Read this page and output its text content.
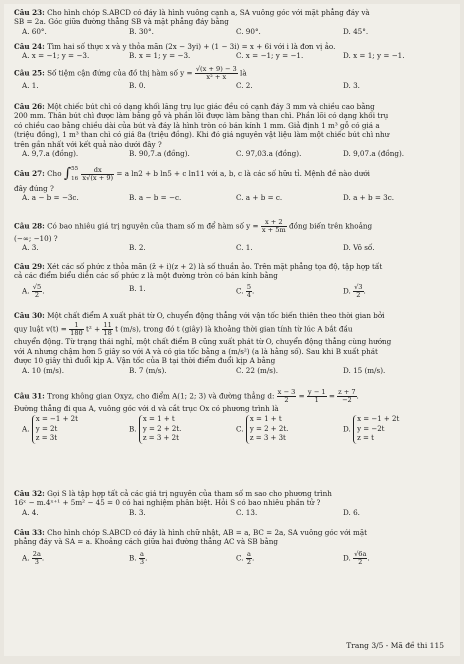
Câu 23: Cho hình chóp S.ABCD có đáy là hình vuông cạnh a, SA vuông góc với mặt phẳng đáy và

SB = 2a. Góc giữa đường thẳng SB và mặt phẳng đáy bằng

A. 60°.	B. 30°.	C. 90°.	D. 45°.

Câu 24: Tìm hai số thực x và y thỏa mãn (2x − 3yi) + (1 − 3i) = x + 6i với i là đơn vị ảo.

A. x = −1; y = −3.	B. x = 1; y = −3.	C. x = −1; y = −1.	D. x = 1; y = −1.

Câu 25: Số tiệm cận đứng của đồ thị hàm số $y = \frac{√(x + 9) - 3}{\text{x² + x}}$ là

A. 1.	B. 0.	C. 2.	D. 3.

Câu 26: Một chiếc bút chì có dạng khối lăng trụ lục giác đều có cạnh đáy 3 mm và chiều cao bằng

200 mm. Thân bút chì được làm bằng gỗ và phần lõi được làm bằng than chì. Phần lõi có dạng khối trụ

có chiều cao bằng chiều dài của bút và đáy là hình tròn có bán kính 1 mm. Giả định 1 m³ gỗ có giá a

(triệu đồng), 1 m³ than chì có giá 8a (triệu đồng). Khi đó giá nguyên vật liệu làm một chiếc bút chì như

trên gần nhất với kết quả nào dưới đây ?

A. 9,7.a (đồng).	B. 90,7.a (đồng).	C. 97,03.a (đồng).	D. 9,07.a (đồng).

Câu 27: Cho ∫ 55
16
$\frac{dx}{x√(x + 9)} = a$ ln2 + b ln5 + c ln11 với a, b, c là các số hữu tỉ. Mệnh đề nào dưới

đây đúng ?

A. a − b = −3c.	B. a − b = −c.	C. a + b = c.	D. a + b = 3c.

Câu 28: Có bao nhiêu giá trị nguyên của tham số m để hàm số $y = \frac{x + 2}{x + 5m}$ đồng biến trên khoảng

(−∞; −10) ?

A. 3.	B. 2.	C. 1.	D. Vô số.

Câu 29: Xét các số phức z thỏa mãn (z̄ + i)(z + 2) là số thuần ảo. Trên mặt phẳng tọa độ, tập hợp tất

cả các điểm biểu diễn các số phức z là một đường tròn có bán kính bằng

A. $\frac{√5}{2}$ .	B. 1.	C. $\frac{5}{4}$ .	D. $\frac{√3}{2}$ .

Câu 30: Một chất điểm A xuất phát từ O, chuyển động thẳng với vận tốc biến thiên theo thời gian bởi

quy luật $v(t) = \frac{1}{180} t^2 + \frac{11}{18}$ t (m/s), trong đó t (giây) là khoảng thời gian tính từ lúc A bắt đầu

chuyển động. Từ trạng thái nghỉ, một chất điểm B cũng xuất phát từ O, chuyển động thẳng cùng hướng

với A nhưng chậm hơn 5 giây so với A và có gia tốc bằng a (m/s²) (a là hằng số). Sau khi B xuất phát

được 10 giây thì đuổi kịp A. Vận tốc của B tại thời điểm đuổi kịp A bằng

A. 10 (m/s).	B. 7 (m/s).	C. 22 (m/s).	D. 15 (m/s).

Câu 31: Trong không gian Oxyz, cho điểm A(1; 2; 3) và đường thẳng d: $\frac{x - 3}{2} = \frac{y - 1}{1} = \frac{z + 7}{-2}$ .

Đường thẳng đi qua A, vuông góc với d và cắt trục Ox có phương trình là

A.
x = −1 + 2t
y = 2t
z = 3t
B.
x = 1 + t
y = 2 + 2t.
z = 3 + 2t
C.
x = 1 + t
y = 2 + 2t.
z = 3 + 3t
D.
x = −1 + 2t
y = −2t
z = t

Câu 32: Gọi S là tập hợp tất cả các giá trị nguyên của tham số m sao cho phương trình

16ˣ − m.4ˣ⁺¹ + 5m² − 45 = 0 có hai nghiệm phân biệt. Hỏi S có bao nhiêu phần tử ?

A. 4.	B. 3.	C. 13.	D. 6.

Câu 33: Cho hình chóp S.ABCD có đáy là hình chữ nhật, AB = a, BC = 2a, SA vuông góc với mặt

phẳng đáy và SA = a. Khoảng cách giữa hai đường thẳng AC và SB bằng

A. $\frac{2a}{3}$ .	B. $\frac{a}{3}$ .	C. $\frac{a}{2}$ .	D. $\frac{√6a}{2}$ .
Trang 3/5 - Mã đề thi 115
